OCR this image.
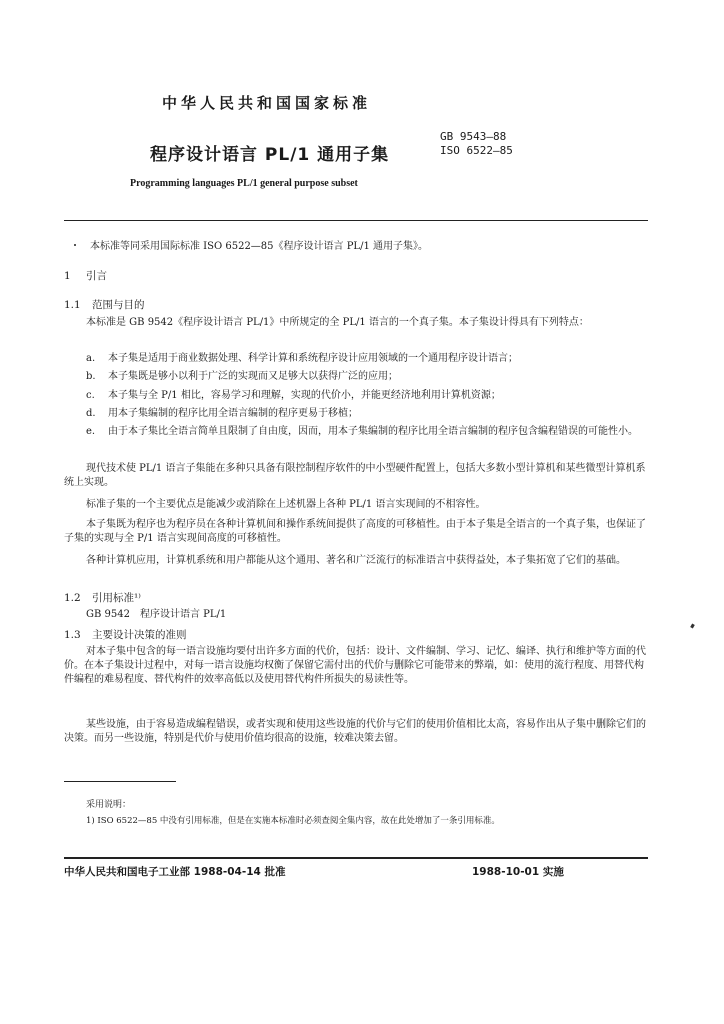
中华人民共和国国家标准
GB 9543—88
ISO 6522—85
程序设计语言 PL/1 通用子集
Programming languages PL/1 general purpose subset
本标准等同采用国际标准 ISO 6522—85《程序设计语言 PL/1 通用子集》。
1 引言
1.1 范围与目的
本标准是 GB 9542《程序设计语言 PL/1》中所规定的全 PL/1 语言的一个真子集。本子集设计得具有下列特点：
a. 本子集是适用于商业数据处理、科学计算和系统程序设计应用领域的一个通用程序设计语言；
b. 本子集既是够小以利于广泛的实现而又足够大以获得广泛的应用；
c. 本子集与全 P/1 相比，容易学习和理解，实现的代价小，并能更经济地利用计算机资源；
d. 用本子集编制的程序比用全语言编制的程序更易于移植；
e. 由于本子集比全语言简单且限制了自由度，因而，用本子集编制的程序比用全语言编制的程序包含编程错误的可能性小。
现代技术使 PL/1 语言子集能在多种只具备有限控制程序软件的中小型硬件配置上，包括大多数小型计算机和某些微型计算机系统上实现。
标准子集的一个主要优点是能减少或消除在上述机器上各种 PL/1 语言实现间的不相容性。
本子集既为程序也为程序员在各种计算机间和操作系统间提供了高度的可移植性。由于本子集是全语言的一个真子集，也保证了子集的实现与全 P/1 语言实现间高度的可移植性。
各种计算机应用，计算机系统和用户都能从这个通用、著名和广泛流行的标准语言中获得益处，本子集拓宽了它们的基础。
1.2 引用标准¹⁾
GB 9542　程序设计语言 PL/1
1.3 主要设计决策的准则
对本子集中包含的每一语言设施均要付出许多方面的代价，包括：设计、文件编制、学习、记忆、编译、执行和维护等方面的代价。在本子集设计过程中，对每一语言设施均权衡了保留它需付出的代价与删除它可能带来的弊端，如：使用的流行程度、用替代构件编程的难易程度、替代构件的效率高低以及使用替代构件所损失的易读性等。
某些设施，由于容易造成编程错误，或者实现和使用这些设施的代价与它们的使用价值相比太高，容易作出从子集中删除它们的决策。而另一些设施，特别是代价与使用价值均很高的设施，较难决策去留。
采用说明：
1) ISO 6522—85 中没有引用标准，但是在实施本标准时必须查阅全集内容，故在此处增加了一条引用标准。
中华人民共和国电子工业部 1988-04-14 批准	1988-10-01 实施
